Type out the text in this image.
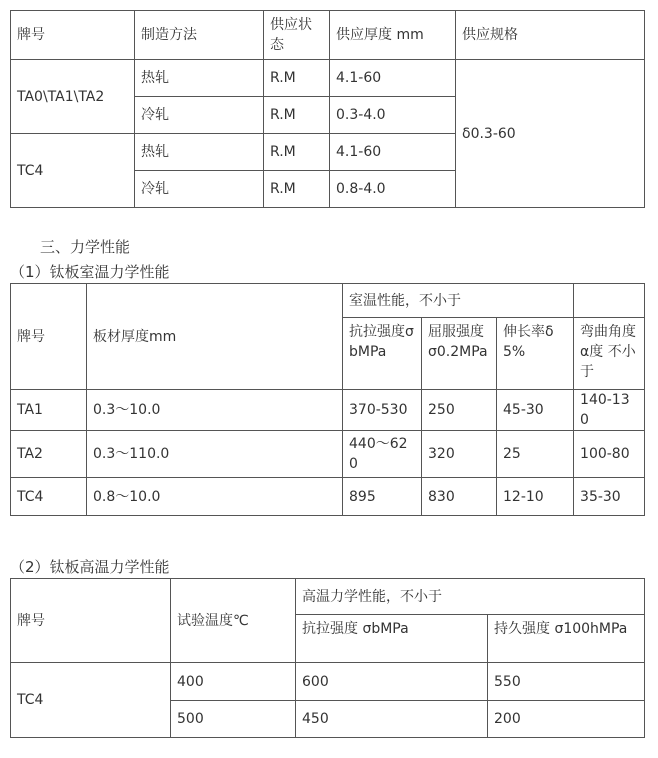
牌号	制造方法	供应状态	供应厚度 mm	供应规格
TA0\TA1\TA2	热轧	R.M	4.1-60	δ0.3-60
	冷轧	R.M	0.3-4.0	
TC4	热轧	R.M	4.1-60	
	冷轧	R.M	0.8-4.0	
三、力学性能
（1）钛板室温力学性能
牌号	板材厚度mm	室温性能，不小于			
		抗拉强度σbMPa	屈服强度σ0.2MPa	伸长率δ5%	弯曲角度α度 不小于
TA1	0.3～10.0	370-530	250	45-30	140-130
TA2	0.3～110.0	440～620	320	25	100-80
TC4	0.8～10.0	895	830	12-10	35-30
（2）钛板高温力学性能
牌号	试验温度℃	高温力学性能，不小于	
		抗拉强度 σbMPa	持久强度 σ100hMPa
TC4	400	600	550
	500	450	200
